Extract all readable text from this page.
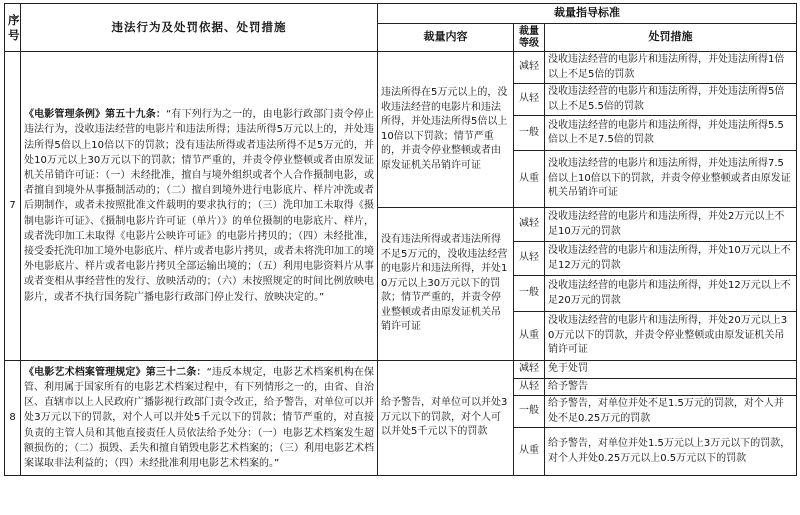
序号	违法行为及处罚依据、处罚措施	裁量指导标准		
		裁量内容	裁量等级	处罚措施
7	《电影管理条例》第五十九条：“有下列行为之一的，由电影行政部门责令停止违法行为，没收违法经营的电影片和违法所得；违法所得5万元以上的，并处违法所得5倍以上10倍以下的罚款；没有违法所得或者违法所得不足5万元的，并处10万元以上30万元以下的罚款；情节严重的，并责令停业整顿或者由原发证机关吊销许可证：（一）未经批准，擅自与境外组织或者个人合作摄制电影，或者擅自到境外从事摄制活动的；（二）擅自到境外进行电影底片、样片冲洗或者后期制作，或者未按照批准文件载明的要求执行的；（三）洗印加工未取得《摄制电影许可证》、《摄制电影片许可证（单片）》的单位摄制的电影底片、样片，或者洗印加工未取得《电影片公映许可证》的电影片拷贝的；（四）未经批准，接受委托洗印加工境外电影底片、样片或者电影片拷贝，或者未将洗印加工的境外电影底片、样片或者电影片拷贝全部运输出境的；（五）利用电影资料片从事或者变相从事经营性的发行、放映活动的；（六）未按照规定的时间比例放映电影片，或者不执行国务院广播电影行政部门停止发行、放映决定的。”	违法所得在5万元以上的，没收违法经营的电影片和违法所得，并处违法所得5倍以上10倍以下罚款；情节严重的，并责令停业整顿或者由原发证机关吊销许可证	减轻	没收违法经营的电影片和违法所得，并处违法所得1倍以上不足5倍的罚款
			从轻	没收违法经营的电影片和违法所得，并处违法所得5倍以上不足5.5倍的罚款
			一般	没收违法经营的电影片和违法所得，并处违法所得5.5倍以上不足7.5倍的罚款
			从重	没收违法经营的电影片和违法所得，并处违法所得7.5倍以上10倍以下的罚款，并责令停业整顿或者由原发证机关吊销许可证
		没有违法所得或者违法所得不足5万元的，没收违法经营的电影片和违法所得，并处10万元以上30万元以下的罚款；情节严重的，并责令停业整顿或者由原发证机关吊销许可证	减轻	没收违法经营的电影片和违法所得，并处2万元以上不足10万元的罚款
			从轻	没收违法经营的电影片和违法所得，并处10万元以上不足12万元的罚款
			一般	没收违法经营的电影片和违法所得，并处12万元以上不足20万元的罚款
			从重	没收违法经营的电影片和违法所得，并处20万元以上30万元以下的罚款，并责令停业整顿或由原发证机关吊销许可证
8	《电影艺术档案管理规定》第三十二条：“违反本规定，电影艺术档案机构在保管、利用属于国家所有的电影艺术档案过程中，有下列情形之一的，由省、自治区、直辖市以上人民政府广播影视行政部门责令改正，给予警告，对单位可以并处3万元以下的罚款，对个人可以并处5千元以下的罚款；情节严重的，对直接负责的主管人员和其他直接责任人员依法给予处分：（一）电影艺术档案发生超额损伤的；（二）损毁、丢失和擅自销毁电影艺术档案的；（三）利用电影艺术档案谋取非法利益的；（四）未经批准利用电影艺术档案的。”	给予警告，对单位可以并处3万元以下的罚款，对个人可以并处5千元以下的罚款	减轻	免于处罚
			从轻	给予警告
			一般	给予警告，对单位并处不足1.5万元的罚款，对个人并处不足0.25万元的罚款
			从重	给予警告，对单位并处1.5万元以上3万元以下的罚款，对个人并处0.25万元以上0.5万元以下的罚款
